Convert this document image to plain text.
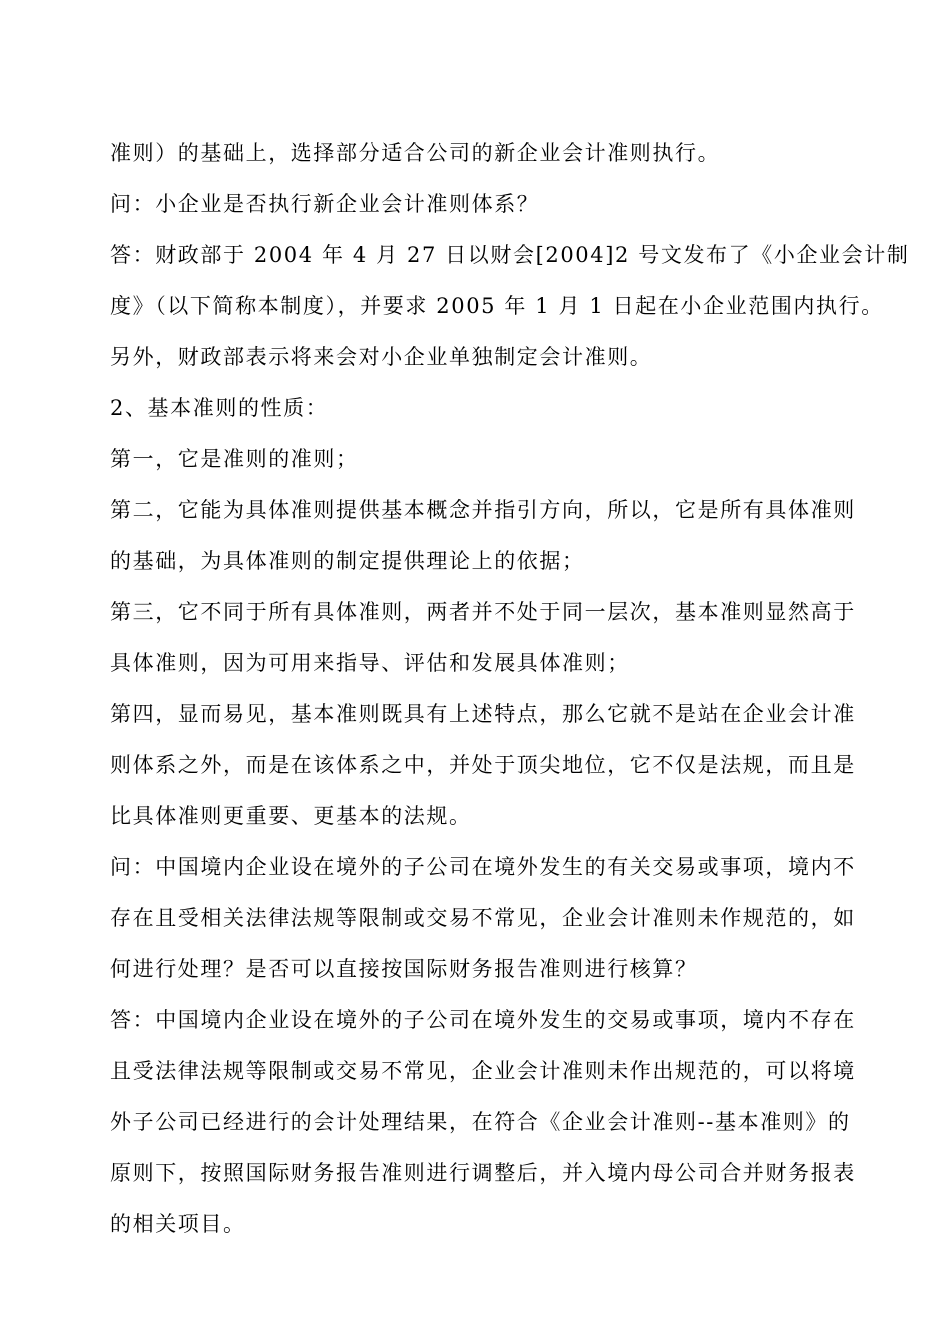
准则）的基础上，选择部分适合公司的新企业会计准则执行。
问：小企业是否执行新企业会计准则体系？
答：财政部于 2004 年 4 月 27 日以财会[2004]2 号文发布了《小企业会计制
度》（以下简称本制度），并要求 2005 年 1 月 1 日起在小企业范围内执行。
另外，财政部表示将来会对小企业单独制定会计准则。
2、基本准则的性质：
第一，它是准则的准则；
第二，它能为具体准则提供基本概念并指引方向，所以，它是所有具体准则
的基础，为具体准则的制定提供理论上的依据；
第三，它不同于所有具体准则，两者并不处于同一层次，基本准则显然高于
具体准则，因为可用来指导、评估和发展具体准则；
第四，显而易见，基本准则既具有上述特点，那么它就不是站在企业会计准
则体系之外，而是在该体系之中，并处于顶尖地位，它不仅是法规，而且是
比具体准则更重要、更基本的法规。
问：中国境内企业设在境外的子公司在境外发生的有关交易或事项，境内不
存在且受相关法律法规等限制或交易不常见，企业会计准则未作规范的，如
何进行处理？是否可以直接按国际财务报告准则进行核算？
答：中国境内企业设在境外的子公司在境外发生的交易或事项，境内不存在
且受法律法规等限制或交易不常见，企业会计准则未作出规范的，可以将境
外子公司已经进行的会计处理结果，在符合《企业会计准则--基本准则》的
原则下，按照国际财务报告准则进行调整后，并入境内母公司合并财务报表
的相关项目。
